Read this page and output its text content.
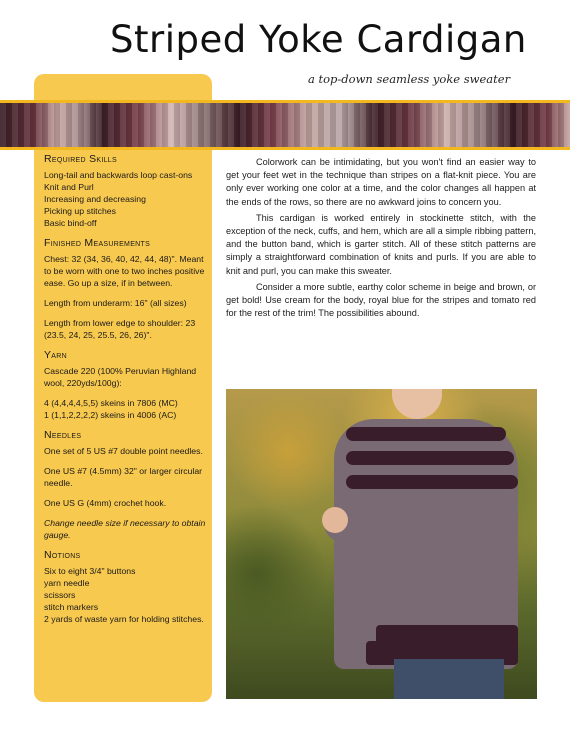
Striped Yoke Cardigan
a top-down seamless yoke sweater
Required Skills
Long-tail and backwards loop cast-ons
Knit and Purl
Increasing and decreasing
Picking up stitches
Basic bind-off
Finished Measurements
Chest: 32 (34, 36, 40, 42, 44, 48)". Meant to be worn with one to two inches positive ease. Go up a size, if in between.
Length from underarm: 16" (all sizes)
Length from lower edge to shoulder: 23 (23.5, 24, 25, 25.5, 26, 26)".
Yarn
Cascade 220 (100% Peruvian Highland wool, 220yds/100g):
4 (4,4,4,4,5,5) skeins in 7806 (MC)
1 (1,1,2,2,2,2) skeins in 4006 (AC)
Needles
One set of 5 US #7 double point needles.
One US #7 (4.5mm) 32" or larger circular needle.
One US G (4mm) crochet hook.
Change needle size if necessary to obtain gauge.
Notions
Six to eight 3/4" buttons
yarn needle
scissors
stitch markers
2 yards of waste yarn for holding stitches.

Colorwork can be intimidating, but you won't find an easier way to get your feet wet in the technique than stripes on a flat-knit piece. You are only ever working one color at a time, and the color changes all happen at the ends of the rows, so there are no awkward joins to concern you.

This cardigan is worked entirely in stockinette stitch, with the exception of the neck, cuffs, and hem, which are all a simple ribbing pattern, and the button band, which is garter stitch. All of these stitch patterns are simply a straightforward combination of knits and purls. If you are able to knit and purl, you can make this sweater.

Consider a more subtle, earthy color scheme in beige and brown, or get bold! Use cream for the body, royal blue for the stripes and tomato red for the rest of the trim! The possibilities abound.
